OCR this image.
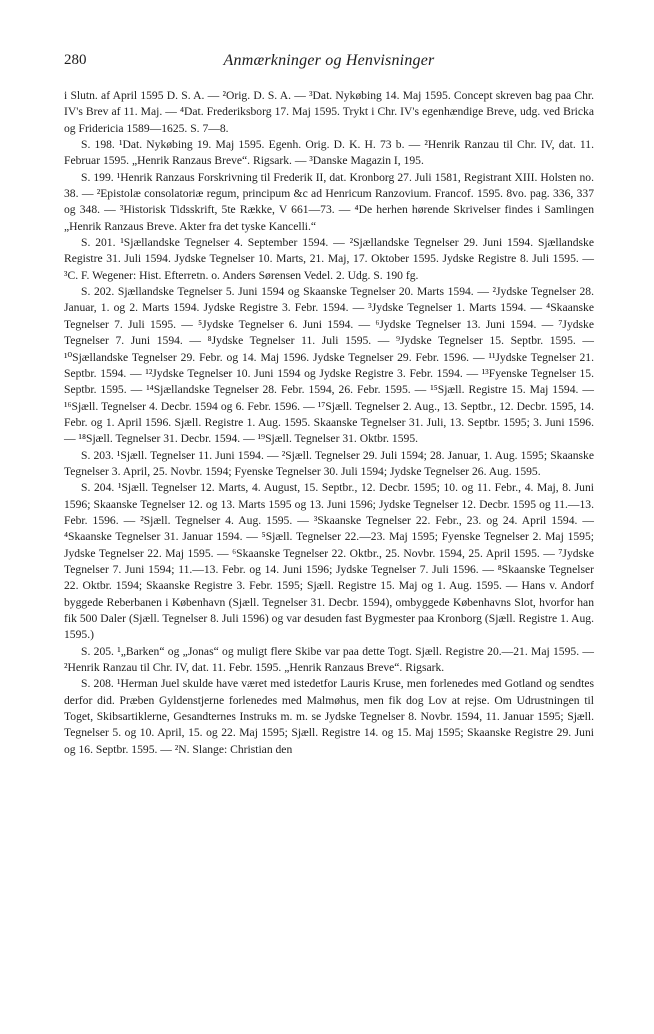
280	Anmærkninger og Henvisninger

i Slutn. af April 1595 D. S. A. — ²Orig. D. S. A. — ³Dat. Nykøbing 14. Maj 1595. Concept skreven bag paa Chr. IV's Brev af 11. Maj. — ⁴Dat. Frederiksborg 17. Maj 1595. Trykt i Chr. IV's egenhændige Breve, udg. ved Bricka og Fridericia 1589—1625. S. 7—8.

S. 198. ¹Dat. Nykøbing 19. Maj 1595. Egenh. Orig. D. K. H. 73 b. — ²Henrik Ranzau til Chr. IV, dat. 11. Februar 1595. „Henrik Ranzaus Breve“. Rigsark. — ³Danske Magazin I, 195.

S. 199. ¹Henrik Ranzaus Forskrivning til Frederik II, dat. Kronborg 27. Juli 1581, Registrant XIII. Holsten no. 38. — ²Epistolæ consolatoriæ regum, principum &c ad Henricum Ranzovium. Francof. 1595. 8vo. pag. 336, 337 og 348. — ³Historisk Tidsskrift, 5te Række, V 661—73. — ⁴De herhen hørende Skrivelser findes i Samlingen „Henrik Ranzaus Breve. Akter fra det tyske Kancelli.“

S. 201. ¹Sjællandske Tegnelser 4. September 1594. — ²Sjællandske Tegnelser 29. Juni 1594. Sjællandske Registre 31. Juli 1594. Jydske Tegnelser 10. Marts, 21. Maj, 17. Oktober 1595. Jydske Registre 8. Juli 1595. — ³C. F. Wegener: Hist. Efterretn. o. Anders Sørensen Vedel. 2. Udg. S. 190 fg.

S. 202. Sjællandske Tegnelser 5. Juni 1594 og Skaanske Tegnelser 20. Marts 1594. — ²Jydske Tegnelser 28. Januar, 1. og 2. Marts 1594. Jydske Registre 3. Febr. 1594. — ³Jydske Tegnelser 1. Marts 1594. — ⁴Skaanske Tegnelser 7. Juli 1595. — ⁵Jydske Tegnelser 6. Juni 1594. — ⁶Jydske Tegnelser 13. Juni 1594. — ⁷Jydske Tegnelser 7. Juni 1594. — ⁸Jydske Tegnelser 11. Juli 1595. — ⁹Jydske Tegnelser 15. Septbr. 1595. — ¹⁰Sjællandske Tegnelser 29. Febr. og 14. Maj 1596. Jydske Tegnelser 29. Febr. 1596. — ¹¹Jydske Tegnelser 21. Septbr. 1594. — ¹²Jydske Tegnelser 10. Juni 1594 og Jydske Registre 3. Febr. 1594. — ¹³Fyenske Tegnelser 15. Septbr. 1595. — ¹⁴Sjællandske Tegnelser 28. Febr. 1594, 26. Febr. 1595. — ¹⁵Sjæll. Registre 15. Maj 1594. — ¹⁶Sjæll. Tegnelser 4. Decbr. 1594 og 6. Febr. 1596. — ¹⁷Sjæll. Tegnelser 2. Aug., 13. Septbr., 12. Decbr. 1595, 14. Febr. og 1. April 1596. Sjæll. Registre 1. Aug. 1595. Skaanske Tegnelser 31. Juli, 13. Septbr. 1595; 3. Juni 1596. — ¹⁸Sjæll. Tegnelser 31. Decbr. 1594. — ¹⁹Sjæll. Tegnelser 31. Oktbr. 1595.

S. 203. ¹Sjæll. Tegnelser 11. Juni 1594. — ²Sjæll. Tegnelser 29. Juli 1594; 28. Januar, 1. Aug. 1595; Skaanske Tegnelser 3. April, 25. Novbr. 1594; Fyenske Tegnelser 30. Juli 1594; Jydske Tegnelser 26. Aug. 1595.

S. 204. ¹Sjæll. Tegnelser 12. Marts, 4. August, 15. Septbr., 12. Decbr. 1595; 10. og 11. Febr., 4. Maj, 8. Juni 1596; Skaanske Tegnelser 12. og 13. Marts 1595 og 13. Juni 1596; Jydske Tegnelser 12. Decbr. 1595 og 11.—13. Febr. 1596. — ²Sjæll. Tegnelser 4. Aug. 1595. — ³Skaanske Tegnelser 22. Febr., 23. og 24. April 1594. — ⁴Skaanske Tegnelser 31. Januar 1594. — ⁵Sjæll. Tegnelser 22.—23. Maj 1595; Fyenske Tegnelser 2. Maj 1595; Jydske Tegnelser 22. Maj 1595. — ⁶Skaanske Tegnelser 22. Oktbr., 25. Novbr. 1594, 25. April 1595. — ⁷Jydske Tegnelser 7. Juni 1594; 11.—13. Febr. og 14. Juni 1596; Jydske Tegnelser 7. Juli 1596. — ⁸Skaanske Tegnelser 22. Oktbr. 1594; Skaanske Registre 3. Febr. 1595; Sjæll. Registre 15. Maj og 1. Aug. 1595. — Hans v. Andorf byggede Reberbanen i København (Sjæll. Tegnelser 31. Decbr. 1594), ombyggede Københavns Slot, hvorfor han fik 500 Daler (Sjæll. Tegnelser 8. Juli 1596) og var desuden fast Bygmester paa Kronborg (Sjæll. Registre 1. Aug. 1595.)

S. 205. ¹„Barken“ og „Jonas“ og muligt flere Skibe var paa dette Togt. Sjæll. Registre 20.—21. Maj 1595. — ²Henrik Ranzau til Chr. IV, dat. 11. Febr. 1595. „Henrik Ranzaus Breve“. Rigsark.

S. 208. ¹Herman Juel skulde have været med istedetfor Lauris Kruse, men forlenedes med Gotland og sendtes derfor did. Præben Gyldenstjerne forlenedes med Malmøhus, men fik dog Lov at rejse. Om Udrustningen til Toget, Skibsartiklerne, Gesandternes Instruks m. m. se Jydske Tegnelser 8. Novbr. 1594, 11. Januar 1595; Sjæll. Tegnelser 5. og 10. April, 15. og 22. Maj 1595; Sjæll. Registre 14. og 15. Maj 1595; Skaanske Registre 29. Juni og 16. Septbr. 1595. — ²N. Slange: Christian den
